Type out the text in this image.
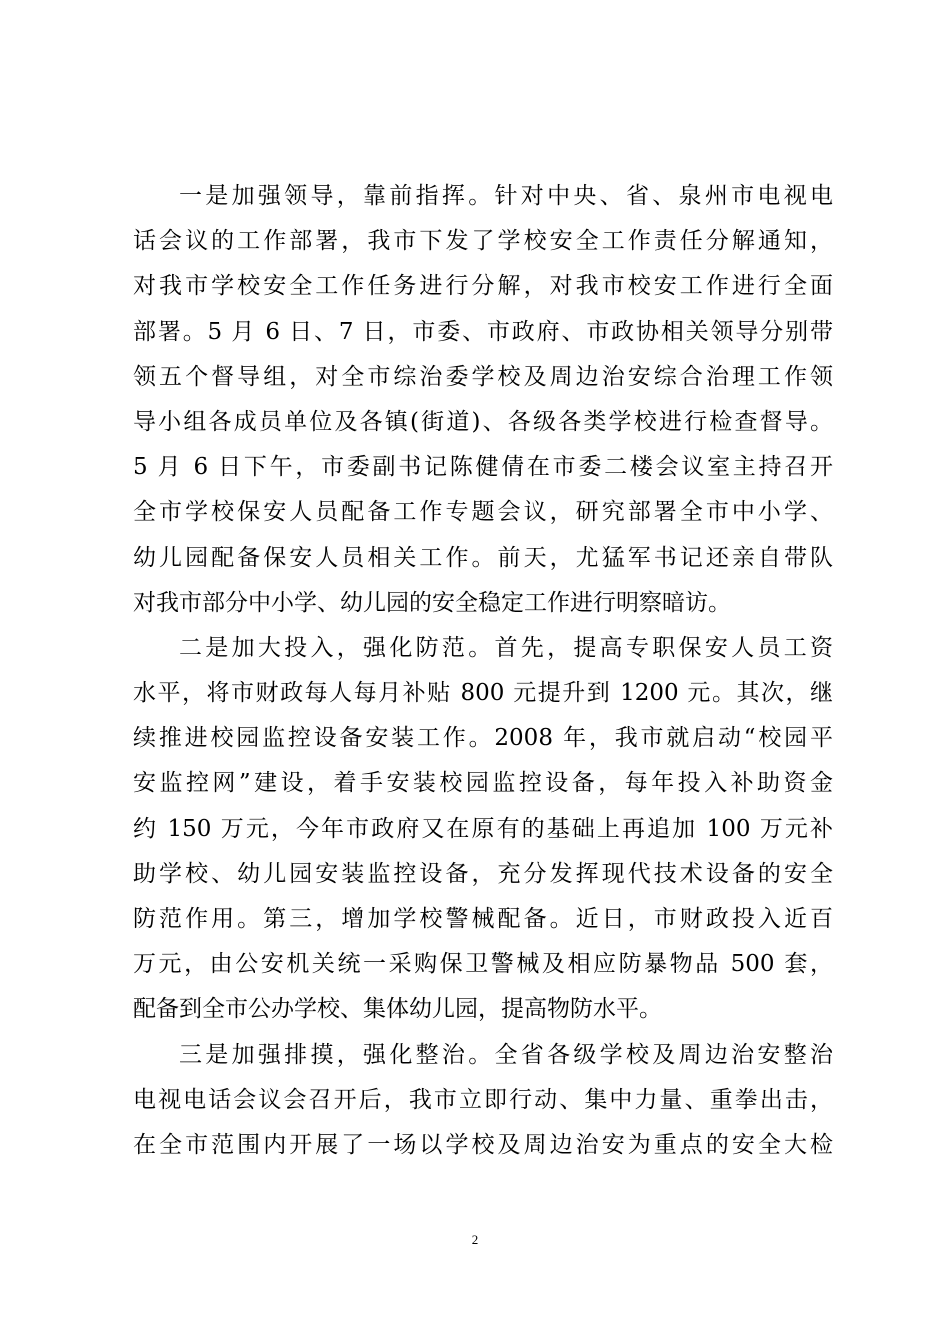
一是加强领导，靠前指挥。针对中央、省、泉州市电视电
话会议的工作部署，我市下发了学校安全工作责任分解通知，
对我市学校安全工作任务进行分解，对我市校安工作进行全面
部署。5 月 6 日、7 日，市委、市政府、市政协相关领导分别带
领五个督导组，对全市综治委学校及周边治安综合治理工作领
导小组各成员单位及各镇(街道)、各级各类学校进行检查督导。
5 月 6 日下午，市委副书记陈健倩在市委二楼会议室主持召开
全市学校保安人员配备工作专题会议，研究部署全市中小学、
幼儿园配备保安人员相关工作。前天，尤猛军书记还亲自带队
对我市部分中小学、幼儿园的安全稳定工作进行明察暗访。
二是加大投入，强化防范。首先，提高专职保安人员工资
水平，将市财政每人每月补贴 800 元提升到 1200 元。其次，继
续推进校园监控设备安装工作。2008 年，我市就启动“校园平
安监控网”建设，着手安装校园监控设备，每年投入补助资金
约 150 万元，今年市政府又在原有的基础上再追加 100 万元补
助学校、幼儿园安装监控设备，充分发挥现代技术设备的安全
防范作用。第三，增加学校警械配备。近日，市财政投入近百
万元，由公安机关统一采购保卫警械及相应防暴物品 500 套，
配备到全市公办学校、集体幼儿园，提高物防水平。
三是加强排摸，强化整治。全省各级学校及周边治安整治
电视电话会议会召开后，我市立即行动、集中力量、重拳出击，
在全市范围内开展了一场以学校及周边治安为重点的安全大检
2
